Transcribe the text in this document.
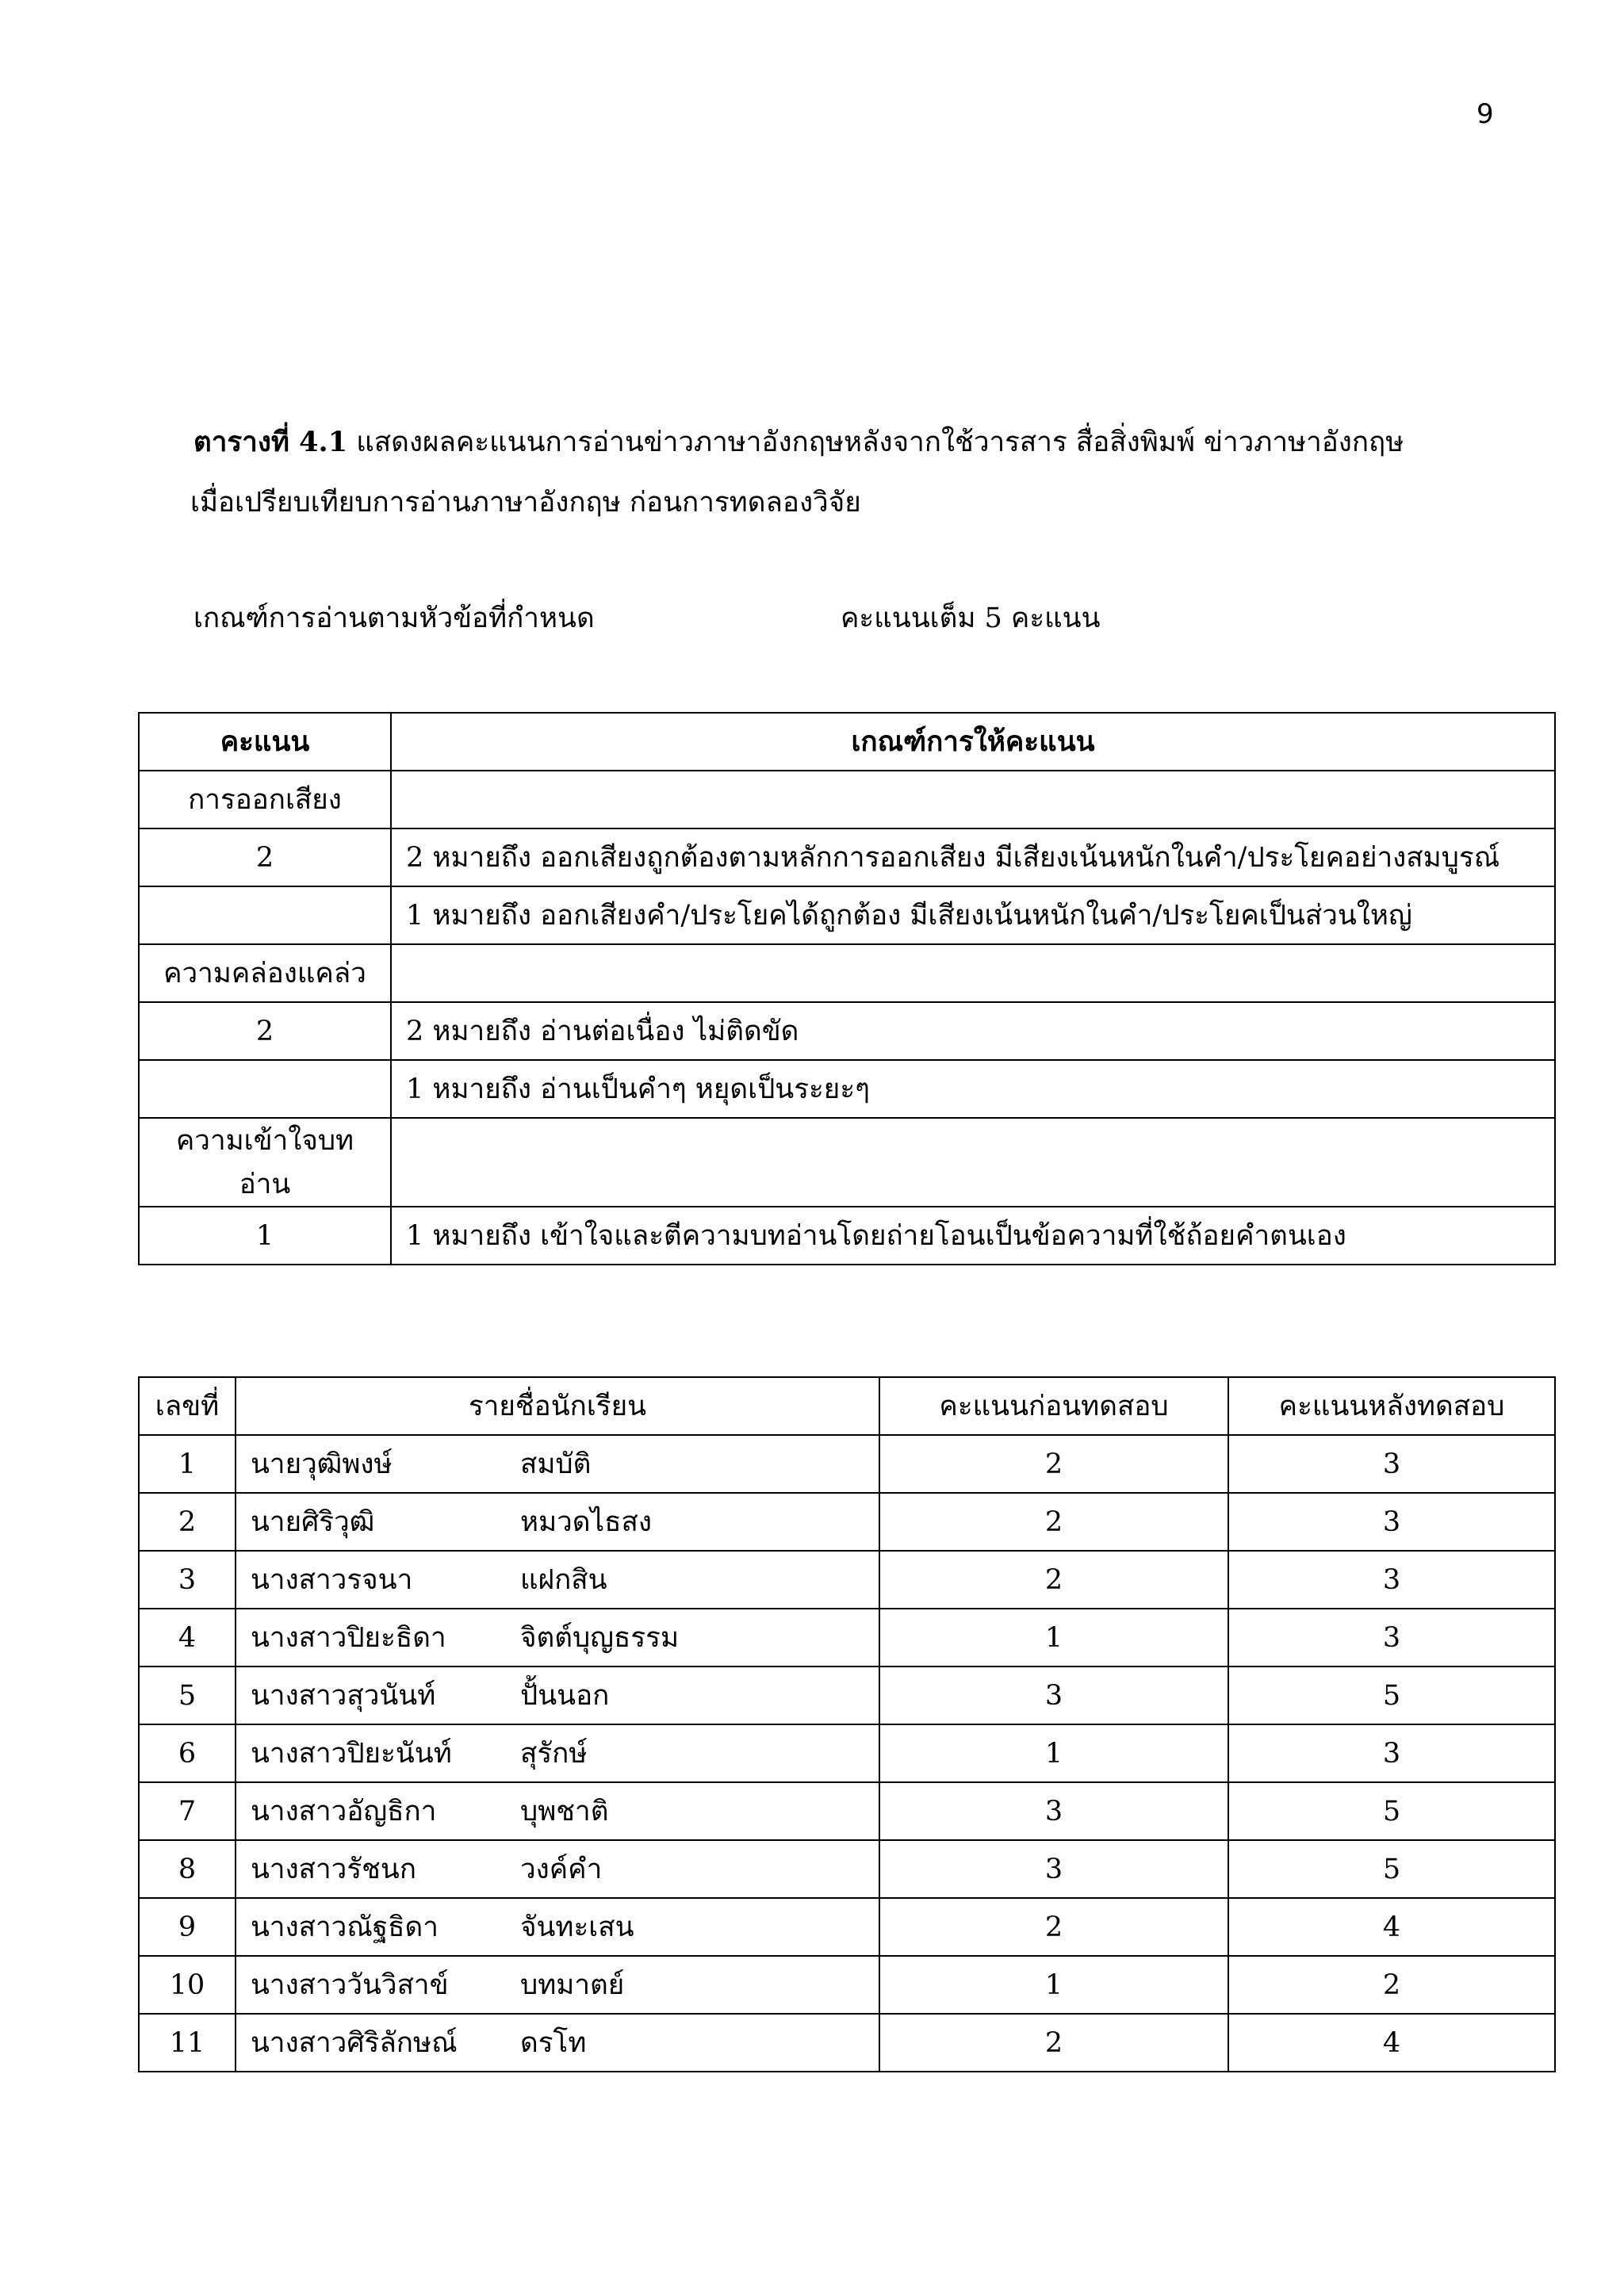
9
ตารางที่ 4.1 แสดงผลคะแนนการอ่านข่าวภาษาอังกฤษหลังจากใช้วารสาร สื่อสิ่งพิมพ์ ข่าวภาษาอังกฤษ
เมื่อเปรียบเทียบการอ่านภาษาอังกฤษ ก่อนการทดลองวิจัย
เกณฑ์การอ่านตามหัวข้อที่กำหนด	คะแนนเต็ม 5 คะแนน
คะแนน	เกณฑ์การให้คะแนน
การออกเสียง	
2	2 หมายถึง ออกเสียงถูกต้องตามหลักการออกเสียง มีเสียงเน้นหนักในคำ/ประโยคอย่างสมบูรณ์
	1 หมายถึง ออกเสียงคำ/ประโยคได้ถูกต้อง มีเสียงเน้นหนักในคำ/ประโยคเป็นส่วนใหญ่
ความคล่องแคล่ว	
2	2 หมายถึง อ่านต่อเนื่อง ไม่ติดขัด
	1 หมายถึง อ่านเป็นคำๆ หยุดเป็นระยะๆ
ความเข้าใจบทอ่าน	
1	1 หมายถึง เข้าใจและตีความบทอ่านโดยถ่ายโอนเป็นข้อความที่ใช้ถ้อยคำตนเอง
เลขที่	รายชื่อนักเรียน	คะแนนก่อนทดสอบ	คะแนนหลังทดสอบ
1	นายวุฒิพงษ์ สมบัติ	2	3
2	นายศิริวุฒิ หมวดไธสง	2	3
3	นางสาวรจนา แฝกสิน	2	3
4	นางสาวปิยะธิดา จิตต์บุญธรรม	1	3
5	นางสาวสุวนันท์ ปั้นนอก	3	5
6	นางสาวปิยะนันท์ สุรักษ์	1	3
7	นางสาวอัญธิกา บุพชาติ	3	5
8	นางสาวรัชนก วงค์คำ	3	5
9	นางสาวณัฐธิดา จันทะเสน	2	4
10	นางสาววันวิสาข์ บทมาตย์	1	2
11	นางสาวศิริลักษณ์ ดรโท	2	4
